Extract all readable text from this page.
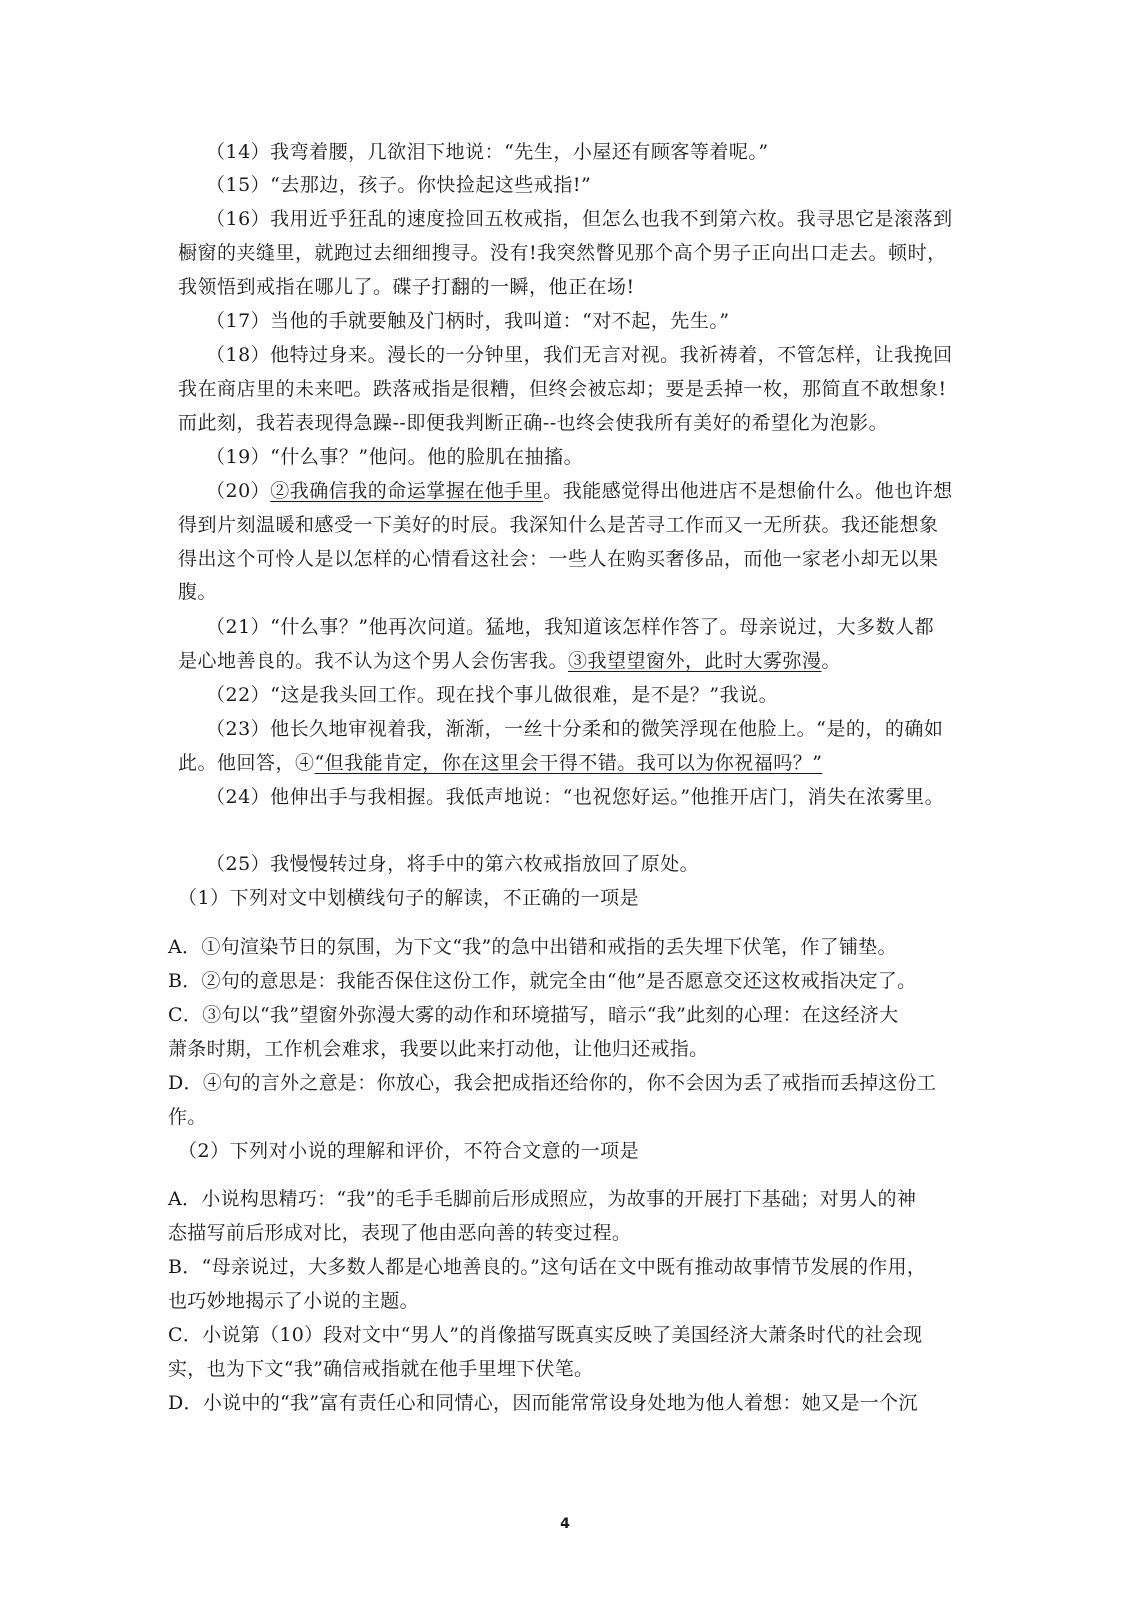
（14）我弯着腰，几欲泪下地说：“先生，小屋还有顾客等着呢。”
（15）“去那边，孩子。你快捡起这些戒指!”
（16）我用近乎狂乱的速度捡回五枚戒指，但怎么也我不到第六枚。我寻思它是滚落到
橱窗的夹缝里，就跑过去细细搜寻。没有!我突然瞥见那个高个男子正向出口走去。顿时，
我领悟到戒指在哪儿了。碟子打翻的一瞬，他正在场!
（17）当他的手就要触及门柄时，我叫道：“对不起，先生。”
（18）他特过身来。漫长的一分钟里，我们无言对视。我祈祷着，不管怎样，让我挽回
我在商店里的未来吧。跌落戒指是很糟，但终会被忘却；要是丢掉一枚，那简直不敢想象!
而此刻，我若表现得急躁--即便我判断正确--也终会使我所有美好的希望化为泡影。
（19）“什么事？”他问。他的脸肌在抽搐。
（20）②我确信我的命运掌握在他手里。我能感觉得出他进店不是想偷什么。他也许想
得到片刻温暖和感受一下美好的时辰。我深知什么是苦寻工作而又一无所获。我还能想象
得出这个可怜人是以怎样的心情看这社会：一些人在购买奢侈品，而他一家老小却无以果
腹。
（21）“什么事？”他再次问道。猛地，我知道该怎样作答了。母亲说过，大多数人都
是心地善良的。我不认为这个男人会伤害我。③我望望窗外，此时大雾弥漫。
（22）“这是我头回工作。现在找个事儿做很难，是不是？”我说。
（23）他长久地审视着我，渐渐，一丝十分柔和的微笑浮现在他脸上。“是的，的确如
此。他回答，④“但我能肯定，你在这里会干得不错。我可以为你祝福吗？”
（24）他伸出手与我相握。我低声地说：“也祝您好运。”他推开店门，消失在浓雾里。
（25）我慢慢转过身，将手中的第六枚戒指放回了原处。
（1）下列对文中划横线句子的解读，不正确的一项是
A．①句渲染节日的氛围，为下文“我”的急中出错和戒指的丢失埋下伏笔，作了铺垫。
B．②句的意思是：我能否保住这份工作，就完全由“他”是否愿意交还这枚戒指决定了。
C．③句以“我”望窗外弥漫大雾的动作和环境描写，暗示“我”此刻的心理：在这经济大
萧条时期，工作机会难求，我要以此来打动他，让他归还戒指。
D．④句的言外之意是：你放心，我会把成指还给你的，你不会因为丢了戒指而丢掉这份工
作。
（2）下列对小说的理解和评价，不符合文意的一项是
A．小说构思精巧：“我”的毛手毛脚前后形成照应，为故事的开展打下基础；对男人的神
态描写前后形成对比，表现了他由恶向善的转变过程。
B．“母亲说过，大多数人都是心地善良的。”这句话在文中既有推动故事情节发展的作用，
也巧妙地揭示了小说的主题。
C．小说第（10）段对文中“男人”的肖像描写既真实反映了美国经济大萧条时代的社会现
实，也为下文“我”确信戒指就在他手里埋下伏笔。
D．小说中的“我”富有责任心和同情心，因而能常常设身处地为他人着想：她又是一个沉
4
